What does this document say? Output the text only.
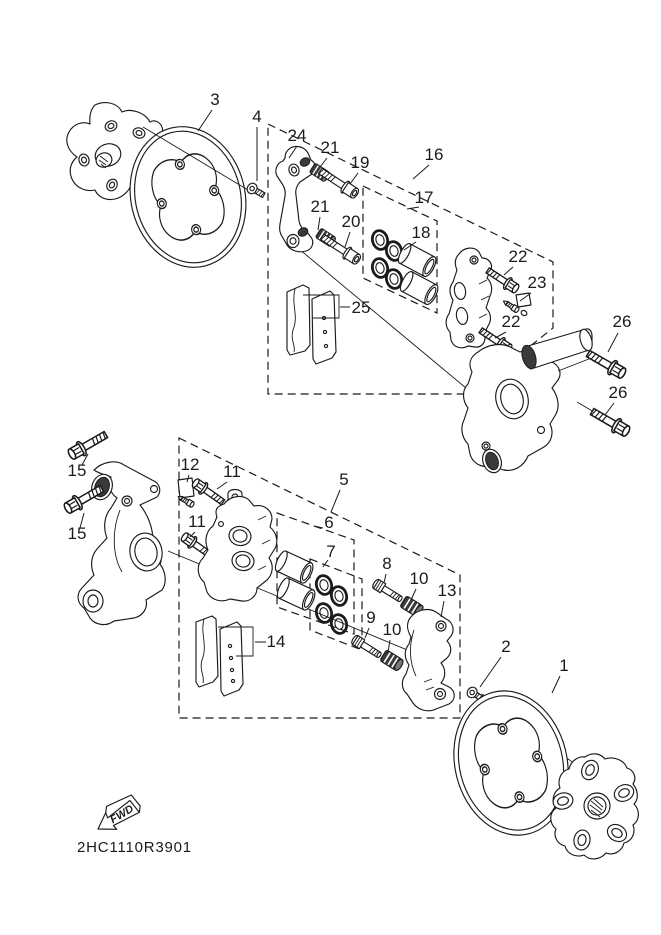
3
4
24
21
19	16
17
21
20
18
22
23
22
25
26
26
15
15
12 11	5
11	6
7
8
10
13
9
10
2
1
14
FWD
2HC1110R3901
